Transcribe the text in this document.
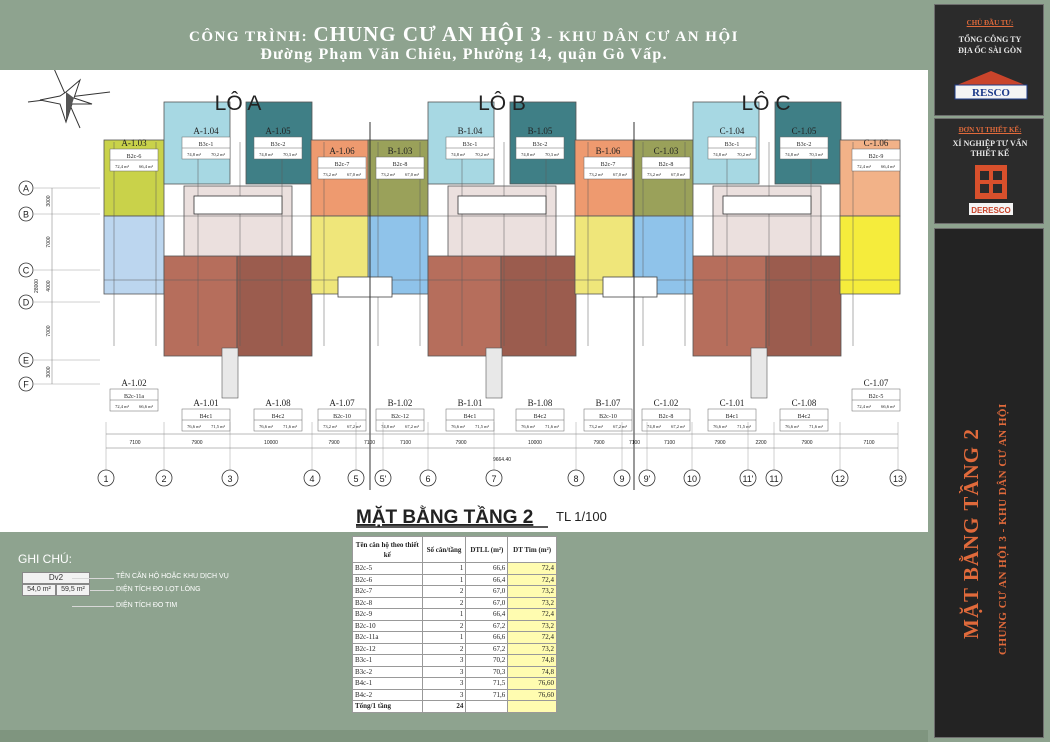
CÔNG TRÌNH: CHUNG CƯ AN HỘI 3 - KHU DÂN CƯ AN HỘI
Đường Phạm Văn Chiêu, Phường 14, quận Gò Vấp.
CHỦ ĐẦU TƯ:
TỔNG CÔNG TY
ĐỊA ỐC SÀI GÒN
RESCO
ĐƠN VỊ THIẾT KẾ:
XÍ NGHIỆP TƯ VẤN
THIẾT KẾ
DERESCO
MẶT BẰNG TẦNG 2	CHUNG CƯ AN HỘI 3 - KHU DÂN CƯ AN HỘI
LÔ A	LÔ B	LÔ C
A-1.03
B2c-6
72,4 m² 66,4 m²
A-1.04
B3c-1
74,8 m² 70,2 m²
A-1.05
B3c-2
74,8 m² 70,3 m²	A-1.06
B2c-7
73,2 m² 67,0 m²
B-1.03
B2c-8
73,2 m² 67,0 m²
B-1.04
B3c-1
74,8 m² 70,2 m²
B-1.05
B3c-2
74,8 m² 70,3 m²	B-1.06
B2c-7
73,2 m² 67,0 m²
C-1.03
B2c-8
73,2 m² 67,0 m²
C-1.04
B3c-1
74,8 m² 70,2 m²
C-1.05
B3c-2
74,8 m² 70,3 m²
C-1.06
B2c-9
72,4 m² 66,4 m²
A-1.02
B2c-11a
72,4 m² 66,6 m²	A-1.01
B4c1
76,6 m² 71,5 m²
A-1.08
B4c2
76,6 m² 71,6 m²
A-1.07
B2c-10
73,2 m² 67,2 m²
B-1.02
B2c-12
74,8 m² 67,2 m²
B-1.01
B4c1
76,6 m² 71,5 m²
B-1.08
B4c2
76,6 m² 71,6 m²
B-1.07
B2c-10
73,2 m² 67,2 m²
C-1.02
B2c-8
74,8 m² 67,2 m²
C-1.01
B4c1
76,6 m² 71,5 m²
C-1.08
B4c2
76,6 m² 71,6 m²
C-1.07
B2c-5
72,4 m² 66,6 m²
A
B
C
D
E
F
3000
7000
4000
7000
3000
28000
7100	7900	10000	7900	7100	7100	7900	10000	7900	7100	7100	7900	2200	7900	7100
9664.40
1	2	3	4	5 5'	6	7	8	9 9'	10	11' 11	12	13
MẶT BẰNG TẦNG 2 TL 1/100
GHI CHÚ:
Dv2
54,0 m²	59,5 m²
TÊN CĂN HỘ HOẶC KHU DỊCH VỤ
DIỆN TÍCH ĐO LỌT LÒNG
DIỆN TÍCH ĐO TIM
Tên căn hộ theo thiết kế	Số căn/tầng	DTLL (m²)	DT Tim (m²)
B2c-5	1	66,6	72,4
B2c-6	1	66,4	72,4
B2c-7	2	67,0	73,2
B2c-8	2	67,0	73,2
B2c-9	1	66,4	72,4
B2c-10	2	67,2	73,2
B2c-11a	1	66,6	72,4
B2c-12	2	67,2	73,2
B3c-1	3	70,2	74,8
B3c-2	3	70,3	74,8
B4c-1	3	71,5	76,60
B4c-2	3	71,6	76,60
Tổng/1 tầng	24		
